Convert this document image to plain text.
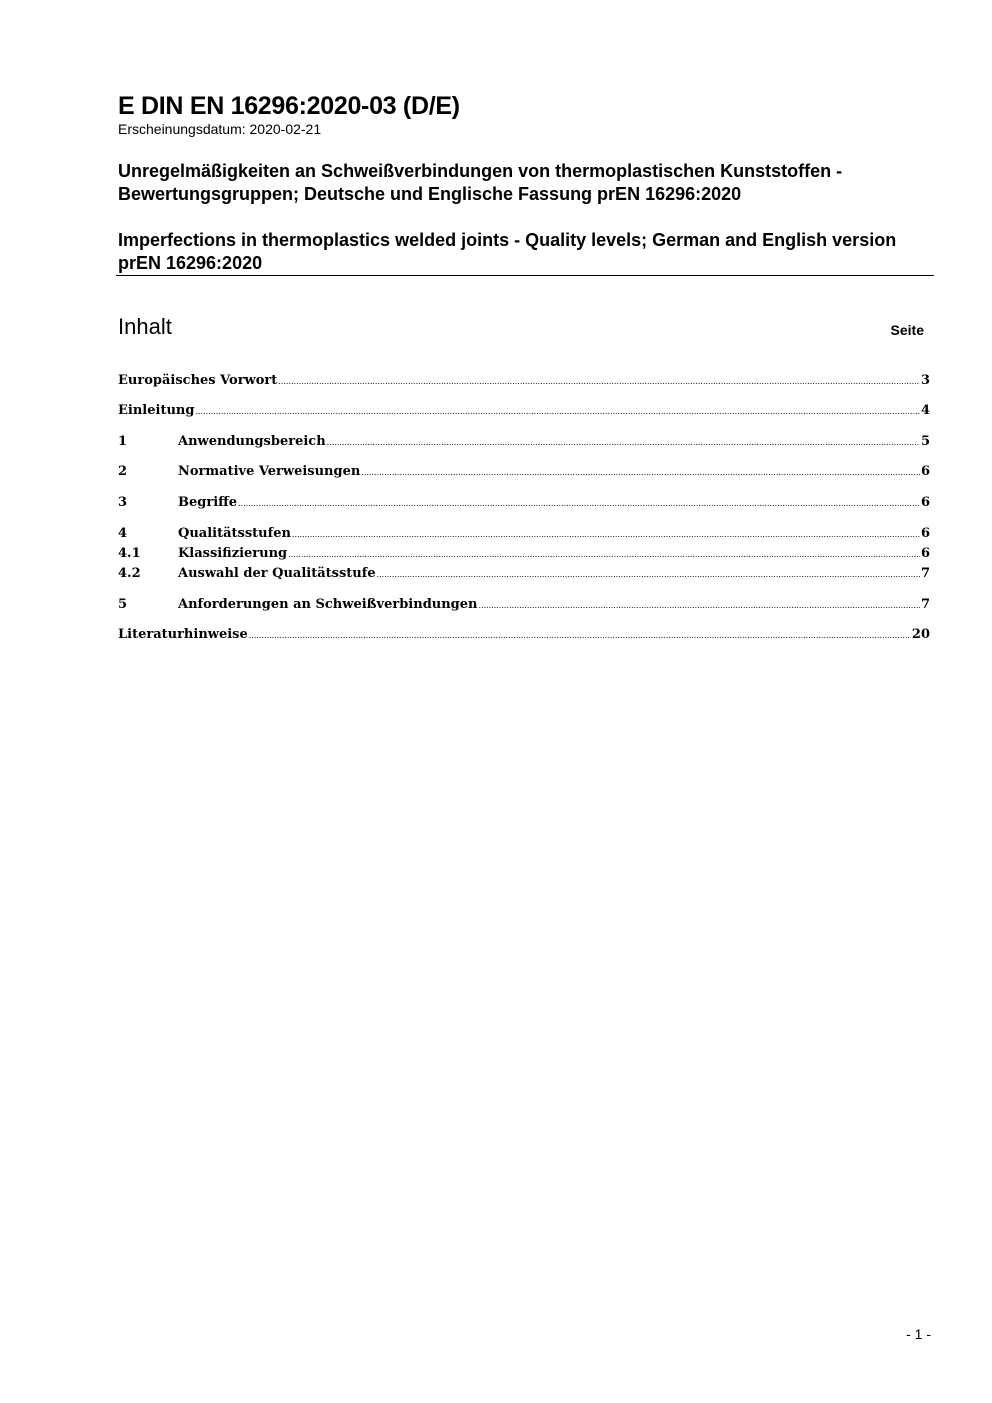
E DIN EN 16296:2020-03 (D/E)
Erscheinungsdatum: 2020-02-21
Unregelmäßigkeiten an Schweißverbindungen von thermoplastischen Kunststoffen - Bewertungsgruppen; Deutsche und Englische Fassung prEN 16296:2020
Imperfections in thermoplastics welded joints - Quality levels; German and English version prEN 16296:2020
Inhalt	Seite
Europäisches Vorwort .....	3
Einleitung .....	4
1	Anwendungsbereich .....	5
2	Normative Verweisungen .....	6
3	Begriffe .....	6
4	Qualitätsstufen .....	6
4.1	Klassifizierung .....	6
4.2	Auswahl der Qualitätsstufe .....	7
5	Anforderungen an Schweißverbindungen .....	7
Literaturhinweise .....	20
- 1 -
